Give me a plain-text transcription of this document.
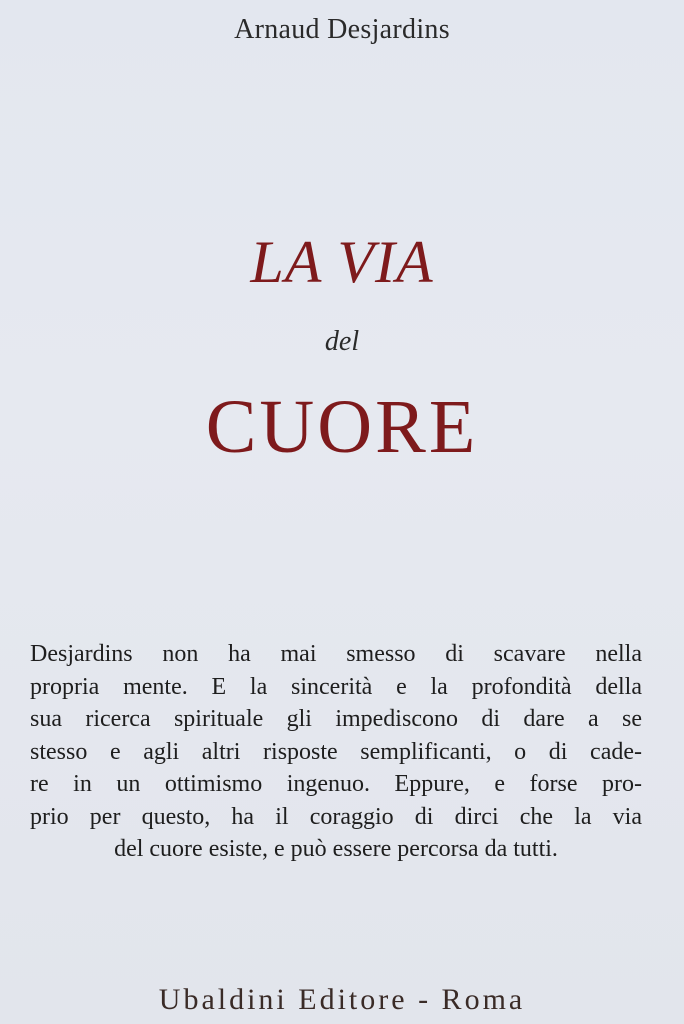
Arnaud Desjardins
LA VIA
del
CUORE
Desjardins non ha mai smesso di scavare nella
propria mente. E la sincerità e la profondità della
sua ricerca spirituale gli impediscono di dare a se
stesso e agli altri risposte semplificanti, o di cade-
re in un ottimismo ingenuo. Eppure, e forse pro-
prio per questo, ha il coraggio di dirci che la via
del cuore esiste, e può essere percorsa da tutti.
Ubaldini Editore - Roma
